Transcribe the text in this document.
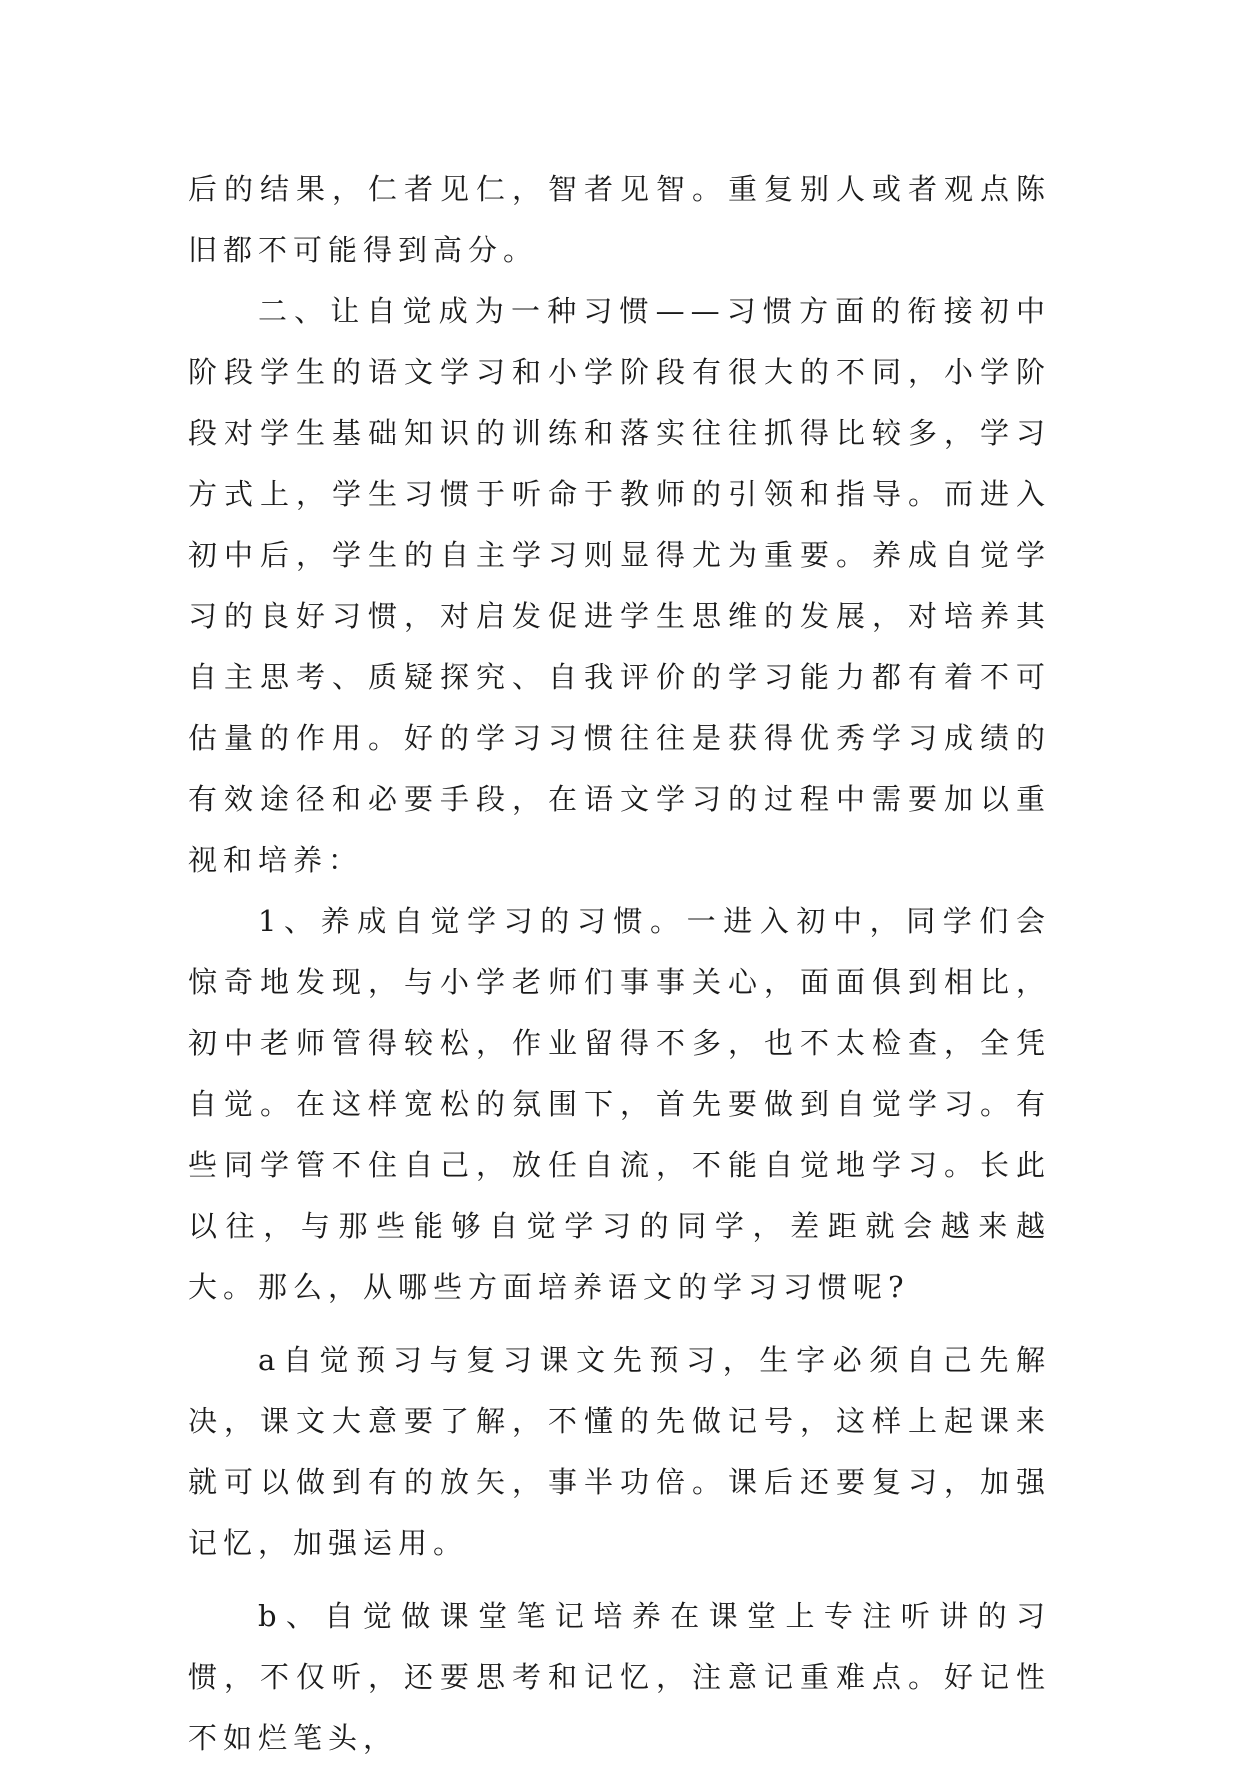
后的结果，仁者见仁，智者见智。重复别人或者观点陈旧都不可能得到高分。

二、让自觉成为一种习惯——习惯方面的衔接初中阶段学生的语文学习和小学阶段有很大的不同，小学阶段对学生基础知识的训练和落实往往抓得比较多，学习方式上，学生习惯于听命于教师的引领和指导。而进入初中后，学生的自主学习则显得尤为重要。养成自觉学习的良好习惯，对启发促进学生思维的发展，对培养其自主思考、质疑探究、自我评价的学习能力都有着不可估量的作用。好的学习习惯往往是获得优秀学习成绩的有效途径和必要手段，在语文学习的过程中需要加以重视和培养：

1、养成自觉学习的习惯。一进入初中，同学们会惊奇地发现，与小学老师们事事关心，面面俱到相比，初中老师管得较松，作业留得不多，也不太检查，全凭自觉。在这样宽松的氛围下，首先要做到自觉学习。有些同学管不住自己，放任自流，不能自觉地学习。长此以往，与那些能够自觉学习的同学，差距就会越来越大。那么，从哪些方面培养语文的学习习惯呢?

a自觉预习与复习课文先预习，生字必须自己先解决，课文大意要了解，不懂的先做记号，这样上起课来就可以做到有的放矢，事半功倍。课后还要复习，加强记忆，加强运用。

b、自觉做课堂笔记培养在课堂上专注听讲的习惯，不仅听，还要思考和记忆，注意记重难点。好记性不如烂笔头，
